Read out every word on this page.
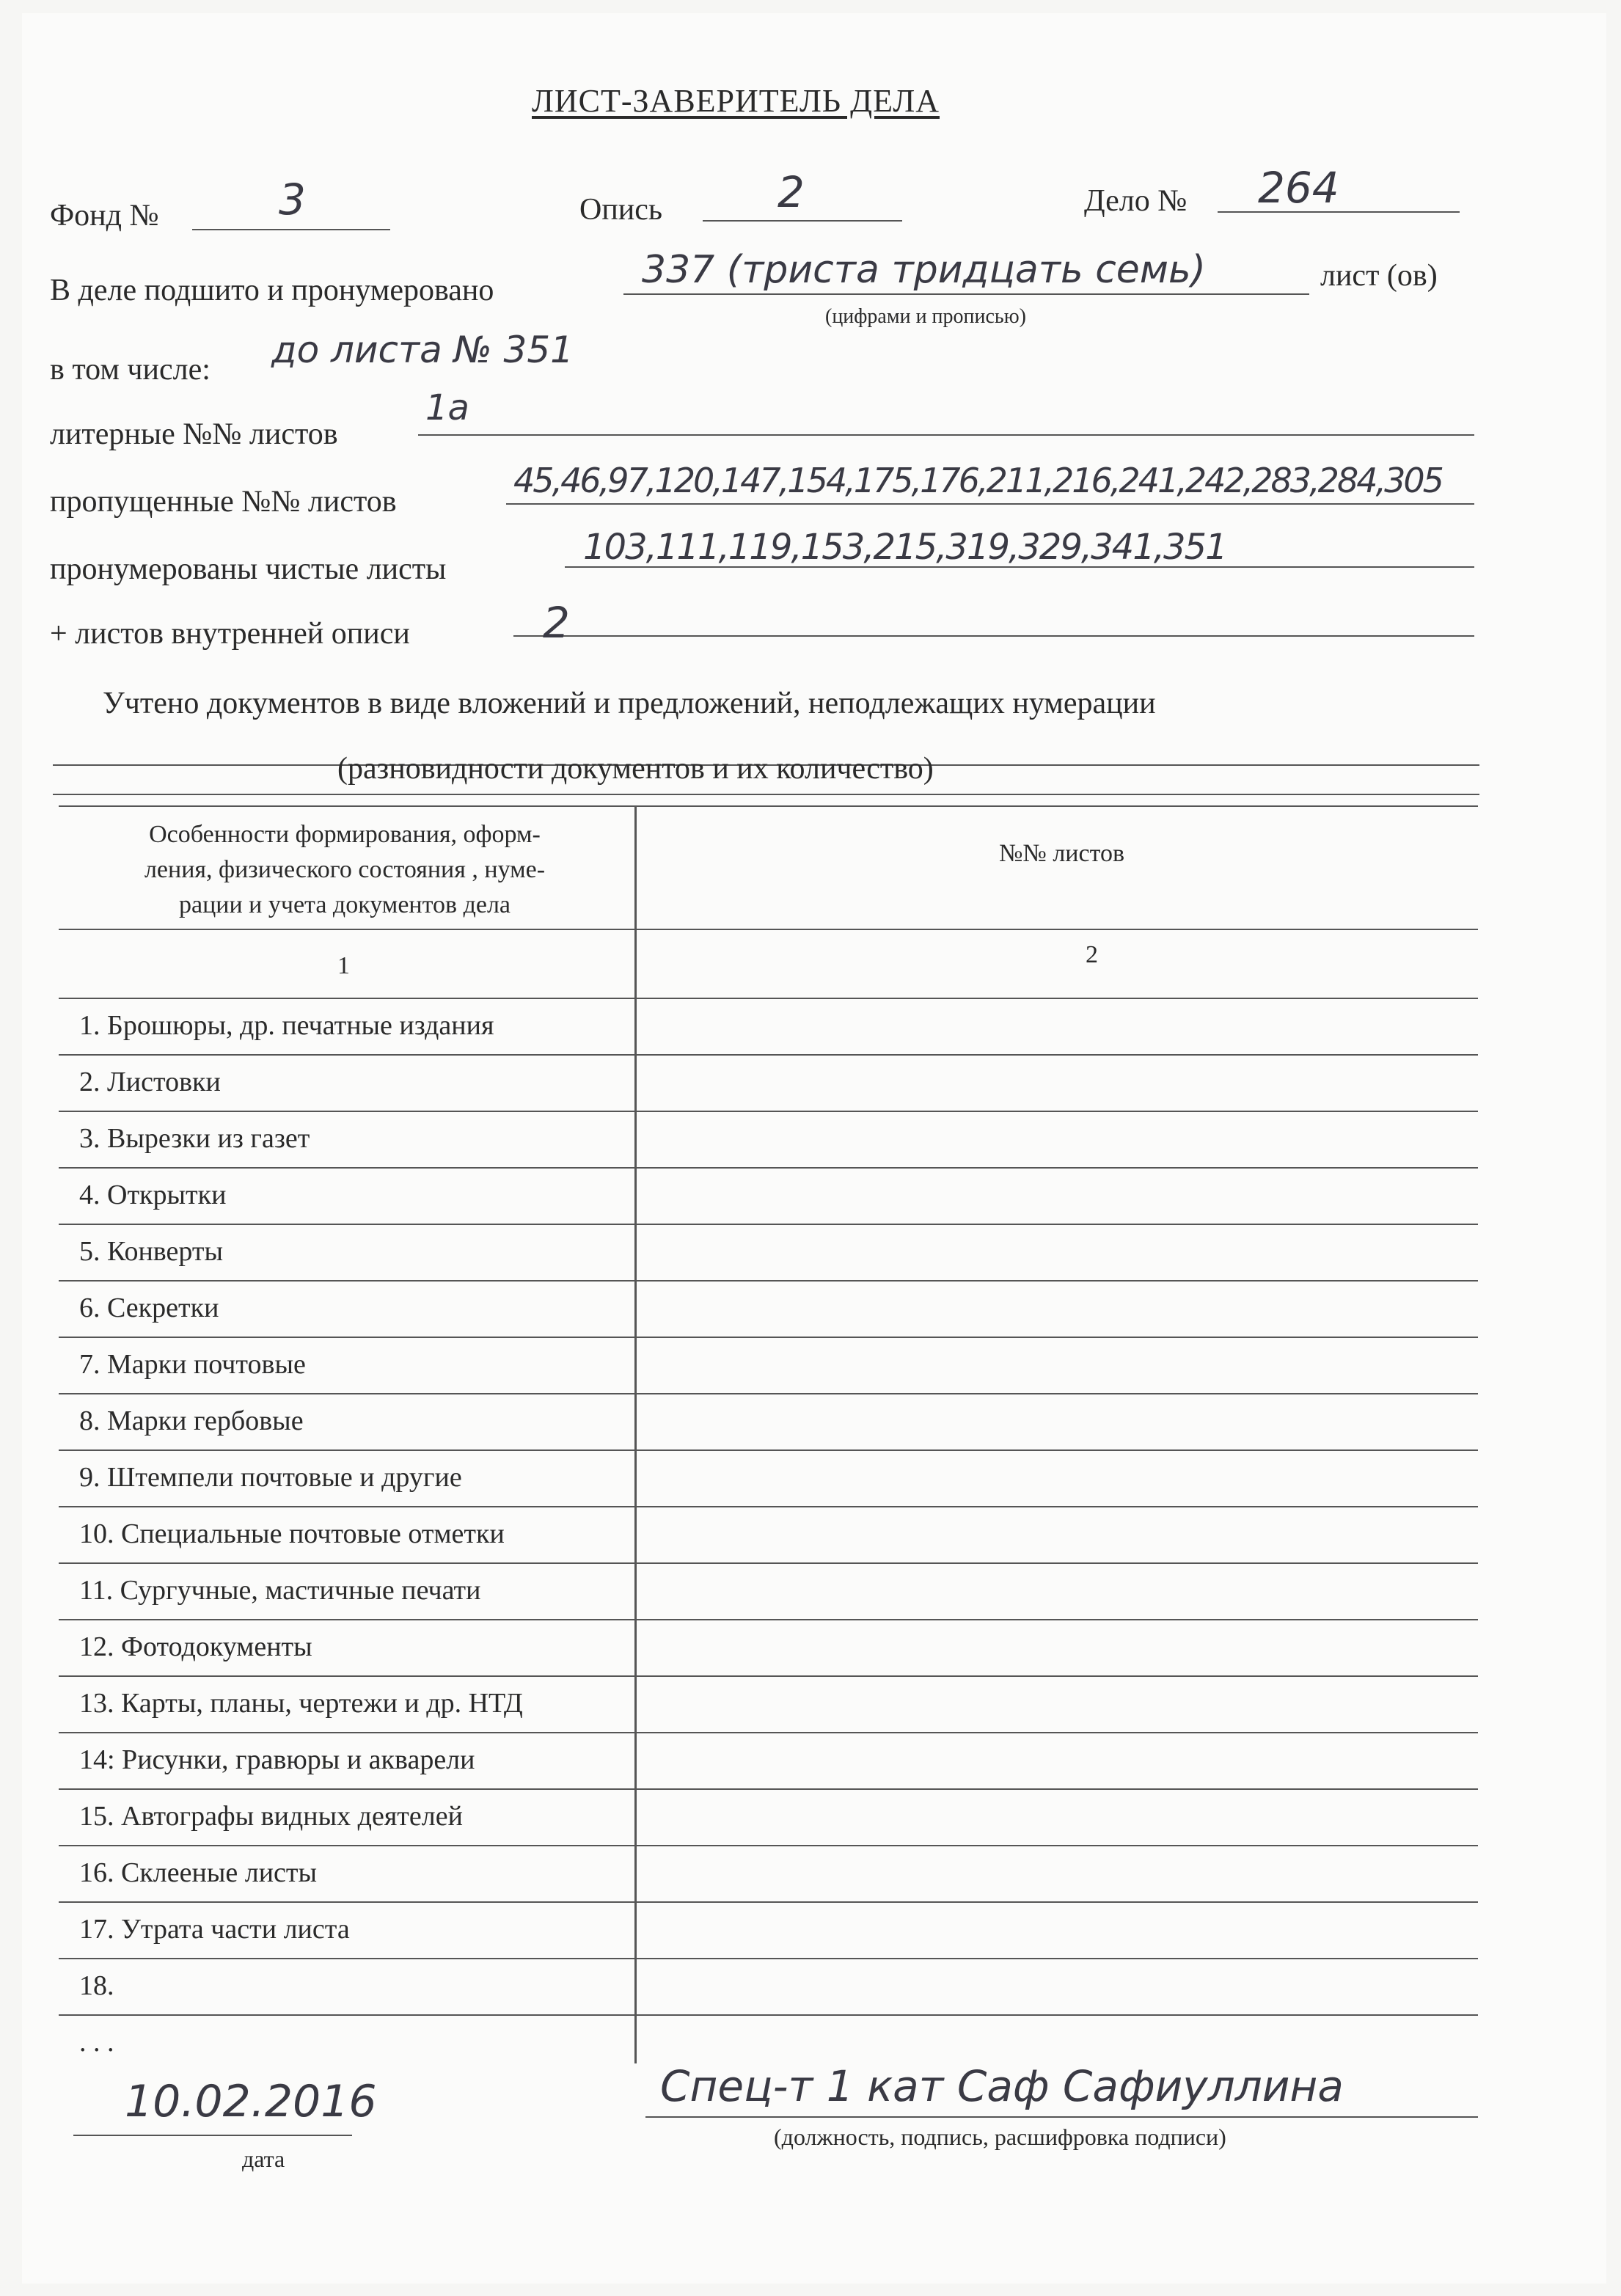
ЛИСТ-ЗАВЕРИТЕЛЬ ДЕЛА
Фонд №	3	Опись	2	Дело № 264
В деле подшито и пронумеровано	337 (триста тридцать семь)	лист (ов)
(цифрами и прописью)
в том числе: до листа № 351
литерные №№ листов
1а
пропущенные №№ листов
45,46,97,120,147,154,175,176,211,216,241,242,283,284,305
пронумерованы чистые листы
103,111,119,153,215,319,329,341,351
+ листов внутренней описи	2
Учтено документов в виде вложений и предложений, неподлежащих нумерации
(разновидности документов и их количество)
Особенности формирования, оформ-
ления, физического состояния , нуме-
рации и учета документов дела
№№ листов
1	2
1. Брошюры, др. печатные издания
2. Листовки
3. Вырезки из газет
4. Открытки
5. Конверты
6. Секретки
7. Марки почтовые
8. Марки гербовые
9. Штемпели почтовые и другие
10. Специальные почтовые отметки
11. Сургучные, мастичные печати
12. Фотодокументы
13. Карты, планы, чертежи и др. НТД
14: Рисунки, гравюры и акварели
15. Автографы видных деятелей
16. Склееные листы
17. Утрата части листа
18.
. . .
10.02.2016
дата
Спец-т 1 кат Саф Сафиуллина
(должность, подпись, расшифровка подписи)
